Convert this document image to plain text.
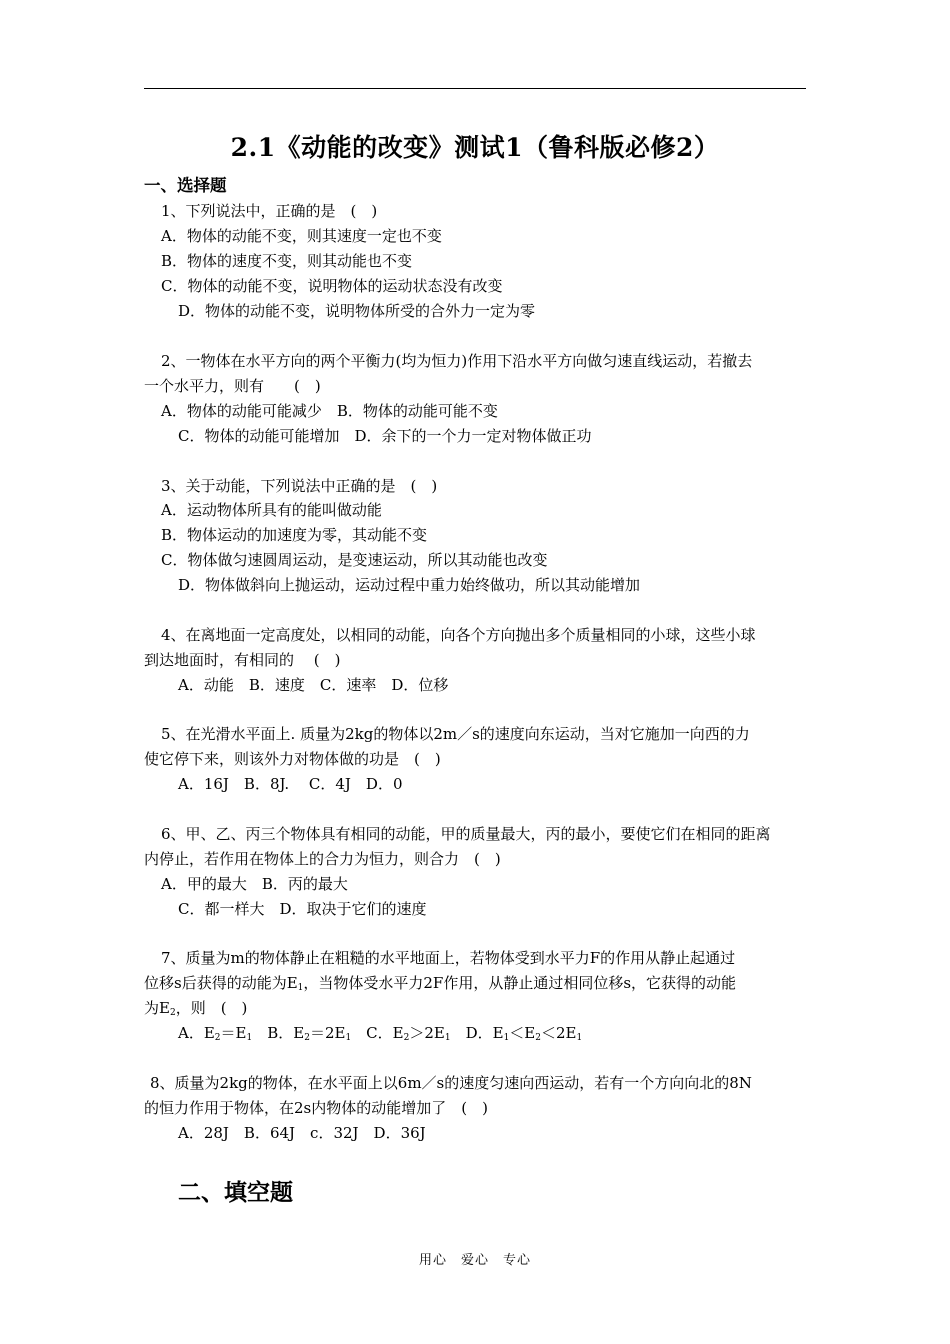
2.1《动能的改变》测试1（鲁科版必修2）
一、选择题
1、下列说法中，正确的是　(　)
A．物体的动能不变，则其速度一定也不变
B．物体的速度不变，则其动能也不变
C．物体的动能不变，说明物体的运动状态没有改变
D．物体的动能不变，说明物体所受的合外力一定为零
2、一物体在水平方向的两个平衡力(均为恒力)作用下沿水平方向做匀速直线运动，若撤去
一个水平力，则有　　(　)
A．物体的动能可能减少　B．物体的动能可能不变
C．物体的动能可能增加　D．余下的一个力一定对物体做正功
3、关于动能，下列说法中正确的是　(　)
A．运动物体所具有的能叫做动能
B．物体运动的加速度为零，其动能不变
C．物体做匀速圆周运动，是变速运动，所以其动能也改变
D．物体做斜向上抛运动，运动过程中重力始终做功，所以其动能增加
4、在离地面一定高度处，以相同的动能，向各个方向抛出多个质量相同的小球，这些小球
到达地面时，有相同的　 (　)
A．动能　B．速度　C．速率　D．位移
5、在光滑水平面上. 质量为2kg的物体以2m／s的速度向东运动，当对它施加一向西的力
使它停下来，则该外力对物体做的功是　(　)
A．16J　B．8J.　 C．4J　D．0
6、甲、乙、丙三个物体具有相同的动能，甲的质量最大，丙的最小，要使它们在相同的距离
内停止，若作用在物体上的合力为恒力，则合力　(　)
A．甲的最大　B．丙的最大
C．都一样大　D．取决于它们的速度
7、质量为m的物体静止在粗糙的水平地面上，若物体受到水平力F的作用从静止起通过
位移s后获得的动能为$E_1$，当物体受水平力2F作用，从静止通过相同位移s，它获得的动能
为$E_2$，则　(　)
A．$E_2=E_1$　B．$E_2=2E_1$　C．$E_2>2E_1$　D．$E_1<E_2<2E_1$
8、质量为2kg的物体，在水平面上以6m／s的速度匀速向西运动，若有一个方向向北的8N
的恒力作用于物体，在2s内物体的动能增加了　(　)
A．28J　B．64J　c．32J　D．36J
二、填空题
用心　爱心　专心
